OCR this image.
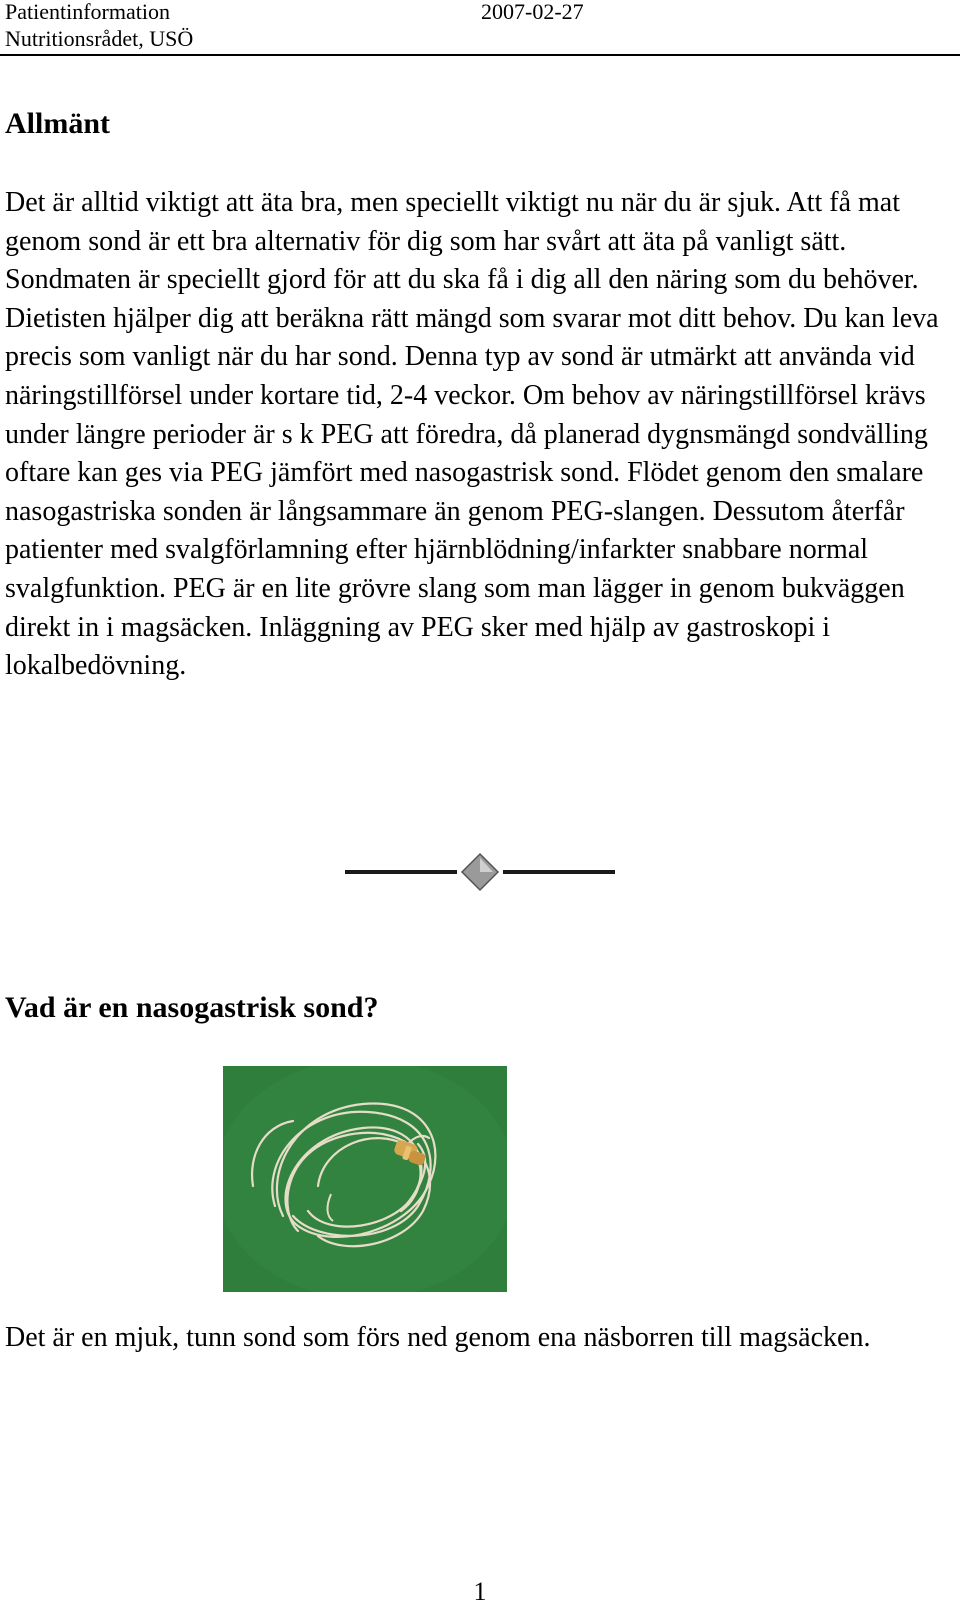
Patientinformation
Nutritionsrådet, USÖ
2007-02-27
Allmänt

Det är alltid viktigt att äta bra, men speciellt viktigt nu när du är sjuk. Att få mat genom sond är ett bra alternativ för dig som har svårt att äta på vanligt sätt. Sondmaten är speciellt gjord för att du ska få i dig all den näring som du behöver. Dietisten hjälper dig att beräkna rätt mängd som svarar mot ditt behov. Du kan leva precis som vanligt när du har sond. Denna typ av sond är utmärkt att använda vid näringstillförsel under kortare tid, 2-4 veckor. Om behov av näringstillförsel krävs under längre perioder är s k PEG att föredra, då planerad dygnsmängd sondvälling oftare kan ges via PEG jämfört med nasogastrisk sond. Flödet genom den smalare nasogastriska sonden är långsammare än genom PEG-slangen. Dessutom återfår patienter med svalgförlamning efter hjärnblödning/infarkter snabbare normal svalgfunktion. PEG är en lite grövre slang som man lägger in genom bukväggen direkt in i magsäcken. Inläggning av PEG sker med hjälp av gastroskopi i lokalbedövning.

Vad är en nasogastrisk sond?

Det är en mjuk, tunn sond som förs ned genom ena näsborren till magsäcken.

1
